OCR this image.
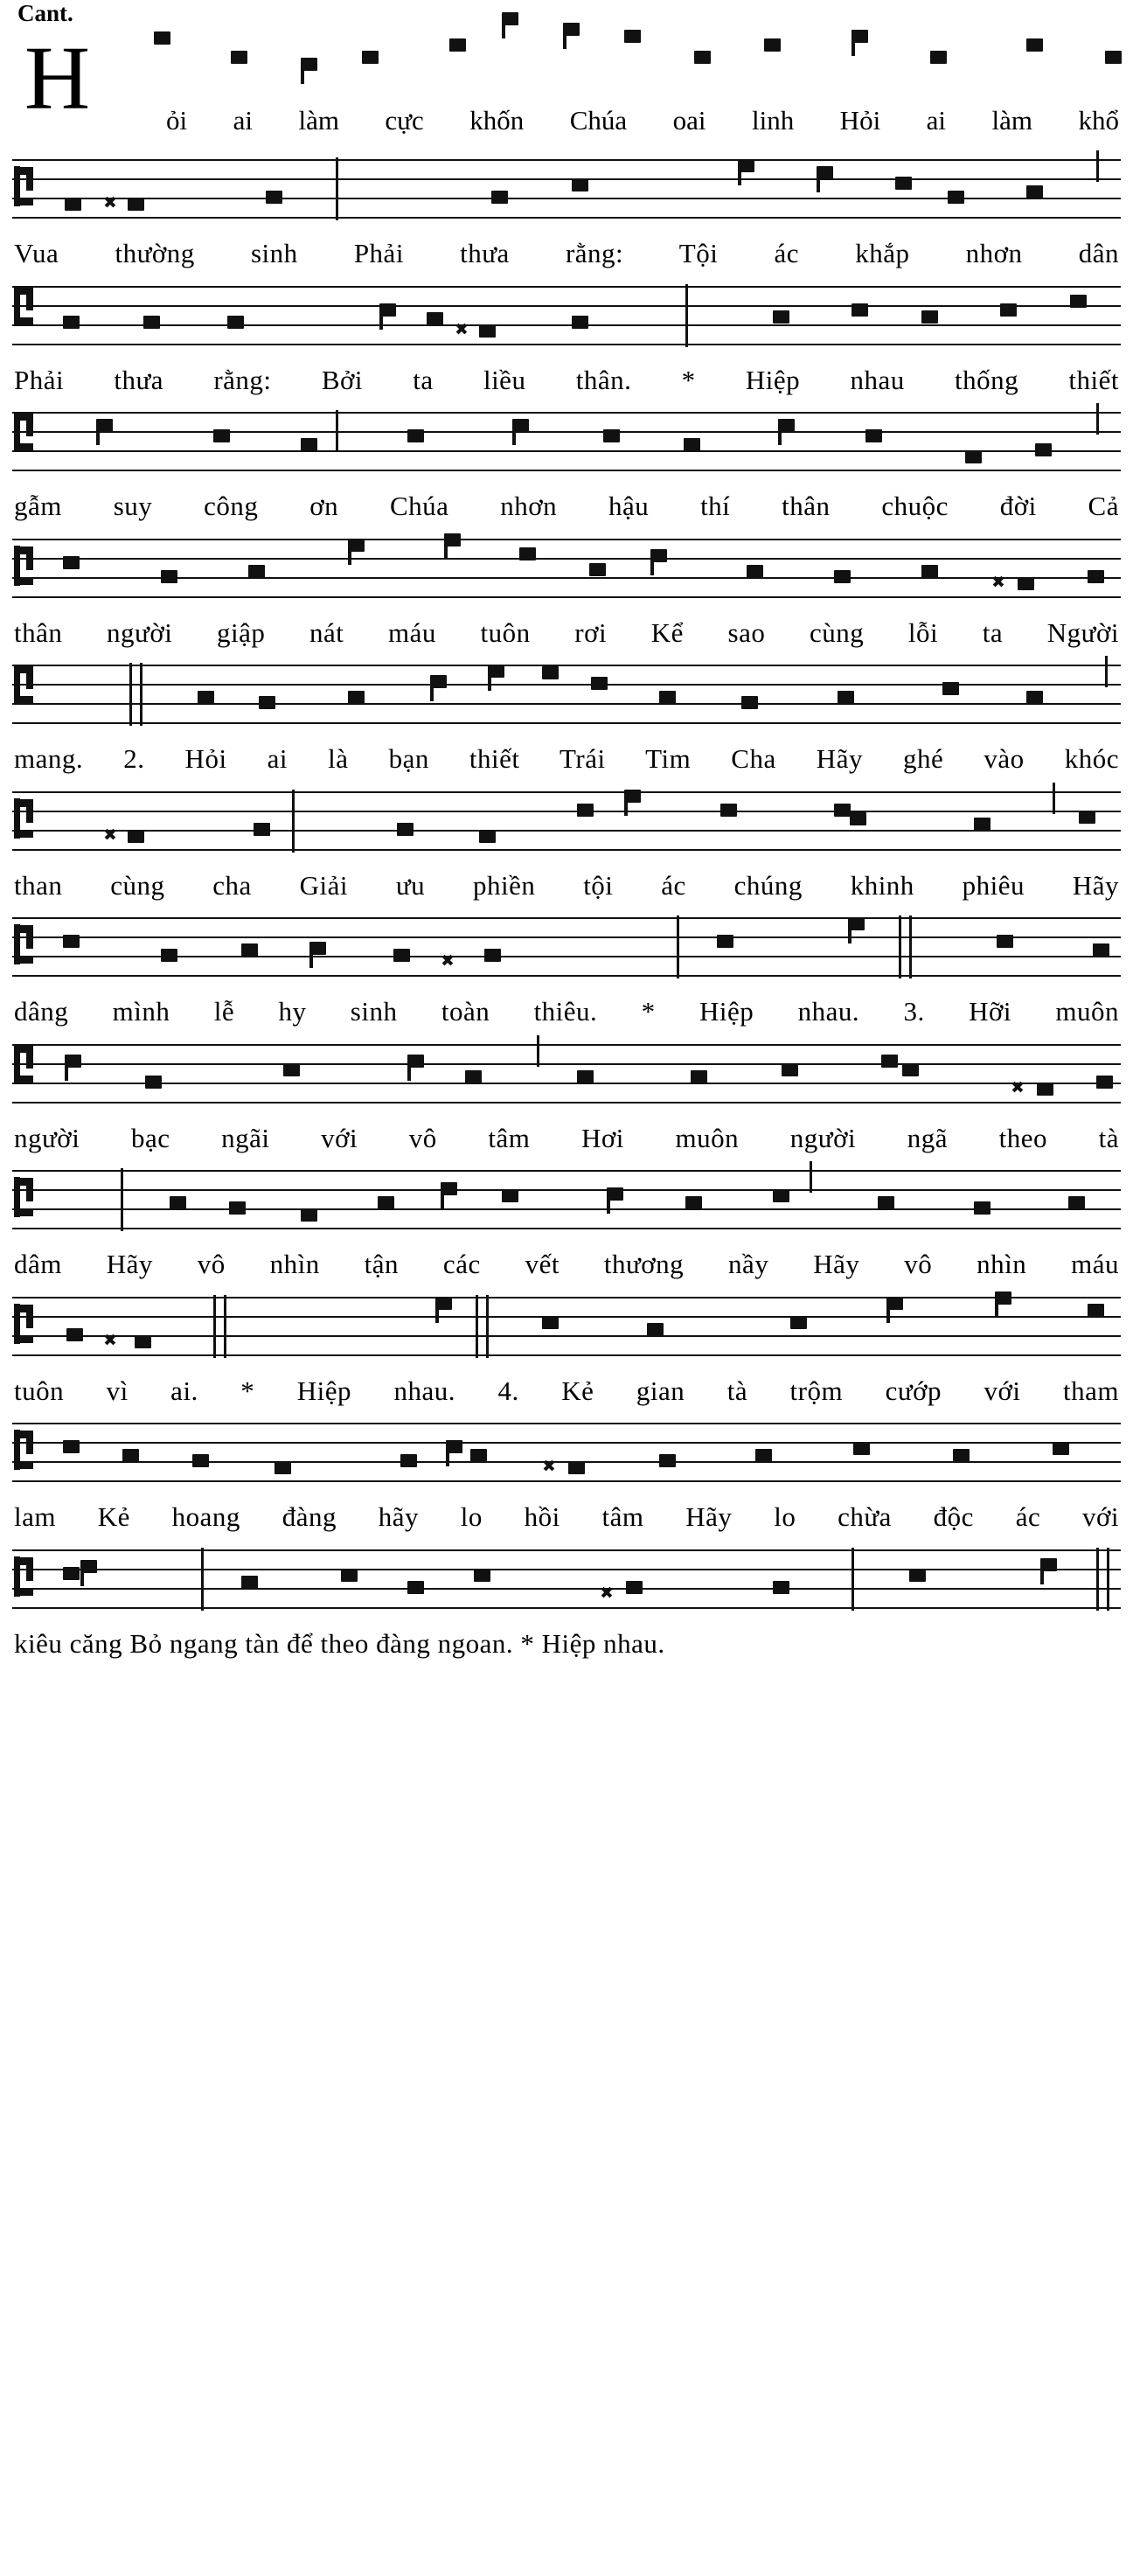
Cant.
H	ỏi ai làm cực khốn Chúa oai linh Hỏi ai làm khổ
✖
Vua thường sinh Phải thưa rằng: Tội ác khắp nhơn dân
✖
Phải thưa rằng: Bởi ta liều thân. * Hiệp nhau thống thiết
gẫm suy công ơn Chúa nhơn hậu thí thân chuộc đời Cả
✖
thân người giập nát máu tuôn rơi Kể sao cùng lỗi ta Người
mang. 2. Hỏi ai là bạn thiết Trái Tim Cha Hãy ghé vào khóc
✖
than cùng cha Giải ưu phiền tội ác chúng khinh phiêu Hãy
✖
dâng mình lễ hy sinh toàn thiêu. * Hiệp nhau. 3. Hỡi muôn
✖
người bạc ngãi với vô tâm Hơi muôn người ngã theo tà
dâm Hãy vô nhìn tận các vết thương nầy Hãy vô nhìn máu
✖
tuôn vì ai. * Hiệp nhau. 4. Kẻ gian tà trộm cướp với tham
✖
lam Kẻ hoang đàng hãy lo hồi tâm Hãy lo chừa độc ác với
✖
kiêu căng Bỏ ngang tàn để theo đàng ngoan. * Hiệp nhau.
